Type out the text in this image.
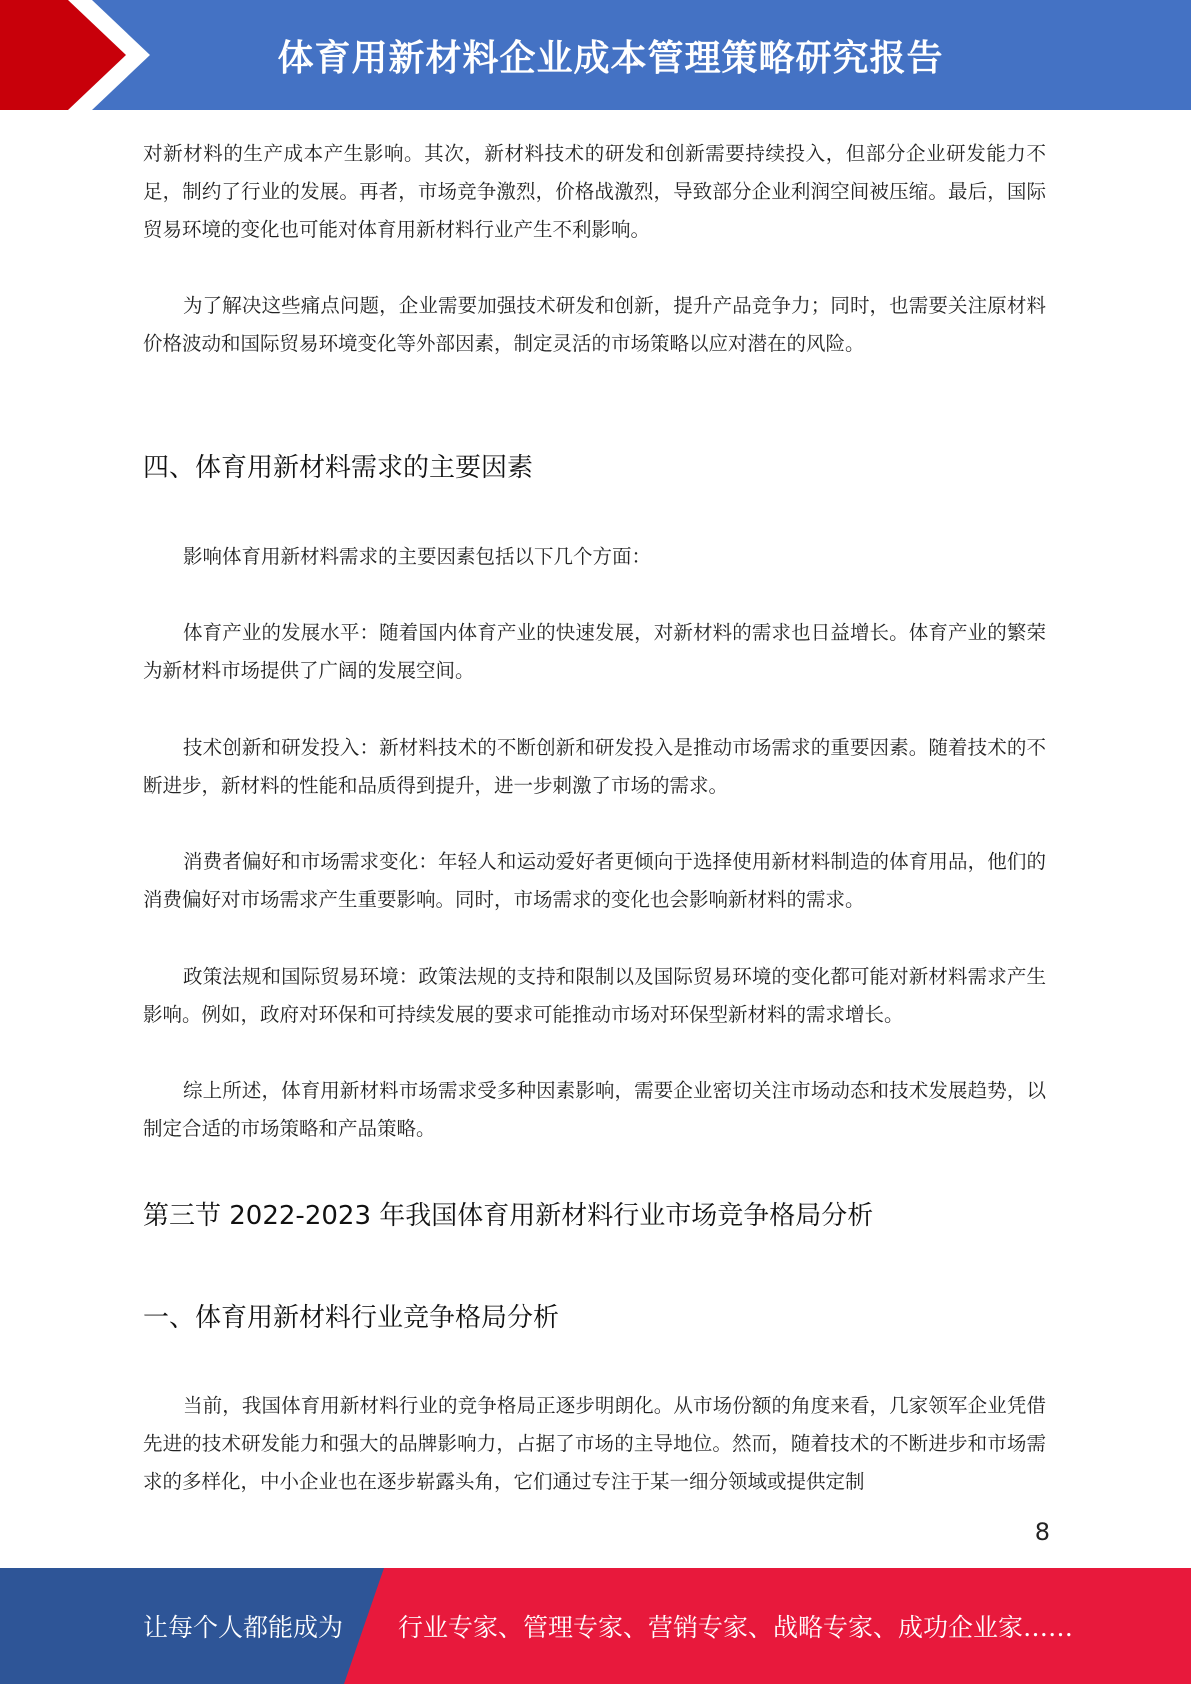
体育用新材料企业成本管理策略研究报告

对新材料的生产成本产生影响。其次，新材料技术的研发和创新需要持续投入，但部分企业研发能力不足，制约了行业的发展。再者，市场竞争激烈，价格战激烈，导致部分企业利润空间被压缩。最后，国际贸易环境的变化也可能对体育用新材料行业产生不利影响。

为了解决这些痛点问题，企业需要加强技术研发和创新，提升产品竞争力；同时，也需要关注原材料价格波动和国际贸易环境变化等外部因素，制定灵活的市场策略以应对潜在的风险。

四、体育用新材料需求的主要因素

影响体育用新材料需求的主要因素包括以下几个方面：

体育产业的发展水平：随着国内体育产业的快速发展，对新材料的需求也日益增长。体育产业的繁荣为新材料市场提供了广阔的发展空间。

技术创新和研发投入：新材料技术的不断创新和研发投入是推动市场需求的重要因素。随着技术的不断进步，新材料的性能和品质得到提升，进一步刺激了市场的需求。

消费者偏好和市场需求变化：年轻人和运动爱好者更倾向于选择使用新材料制造的体育用品，他们的消费偏好对市场需求产生重要影响。同时，市场需求的变化也会影响新材料的需求。

政策法规和国际贸易环境：政策法规的支持和限制以及国际贸易环境的变化都可能对新材料需求产生影响。例如，政府对环保和可持续发展的要求可能推动市场对环保型新材料的需求增长。

综上所述，体育用新材料市场需求受多种因素影响，需要企业密切关注市场动态和技术发展趋势，以制定合适的市场策略和产品策略。

第三节 2022-2023 年我国体育用新材料行业市场竞争格局分析
一、体育用新材料行业竞争格局分析

当前，我国体育用新材料行业的竞争格局正逐步明朗化。从市场份额的角度来看，几家领军企业凭借先进的技术研发能力和强大的品牌影响力，占据了市场的主导地位。然而，随着技术的不断进步和市场需求的多样化，中小企业也在逐步崭露头角，它们通过专注于某一细分领域或提供定制

8
让每个人都能成为 行业专家、管理专家、营销专家、战略专家、成功企业家……
